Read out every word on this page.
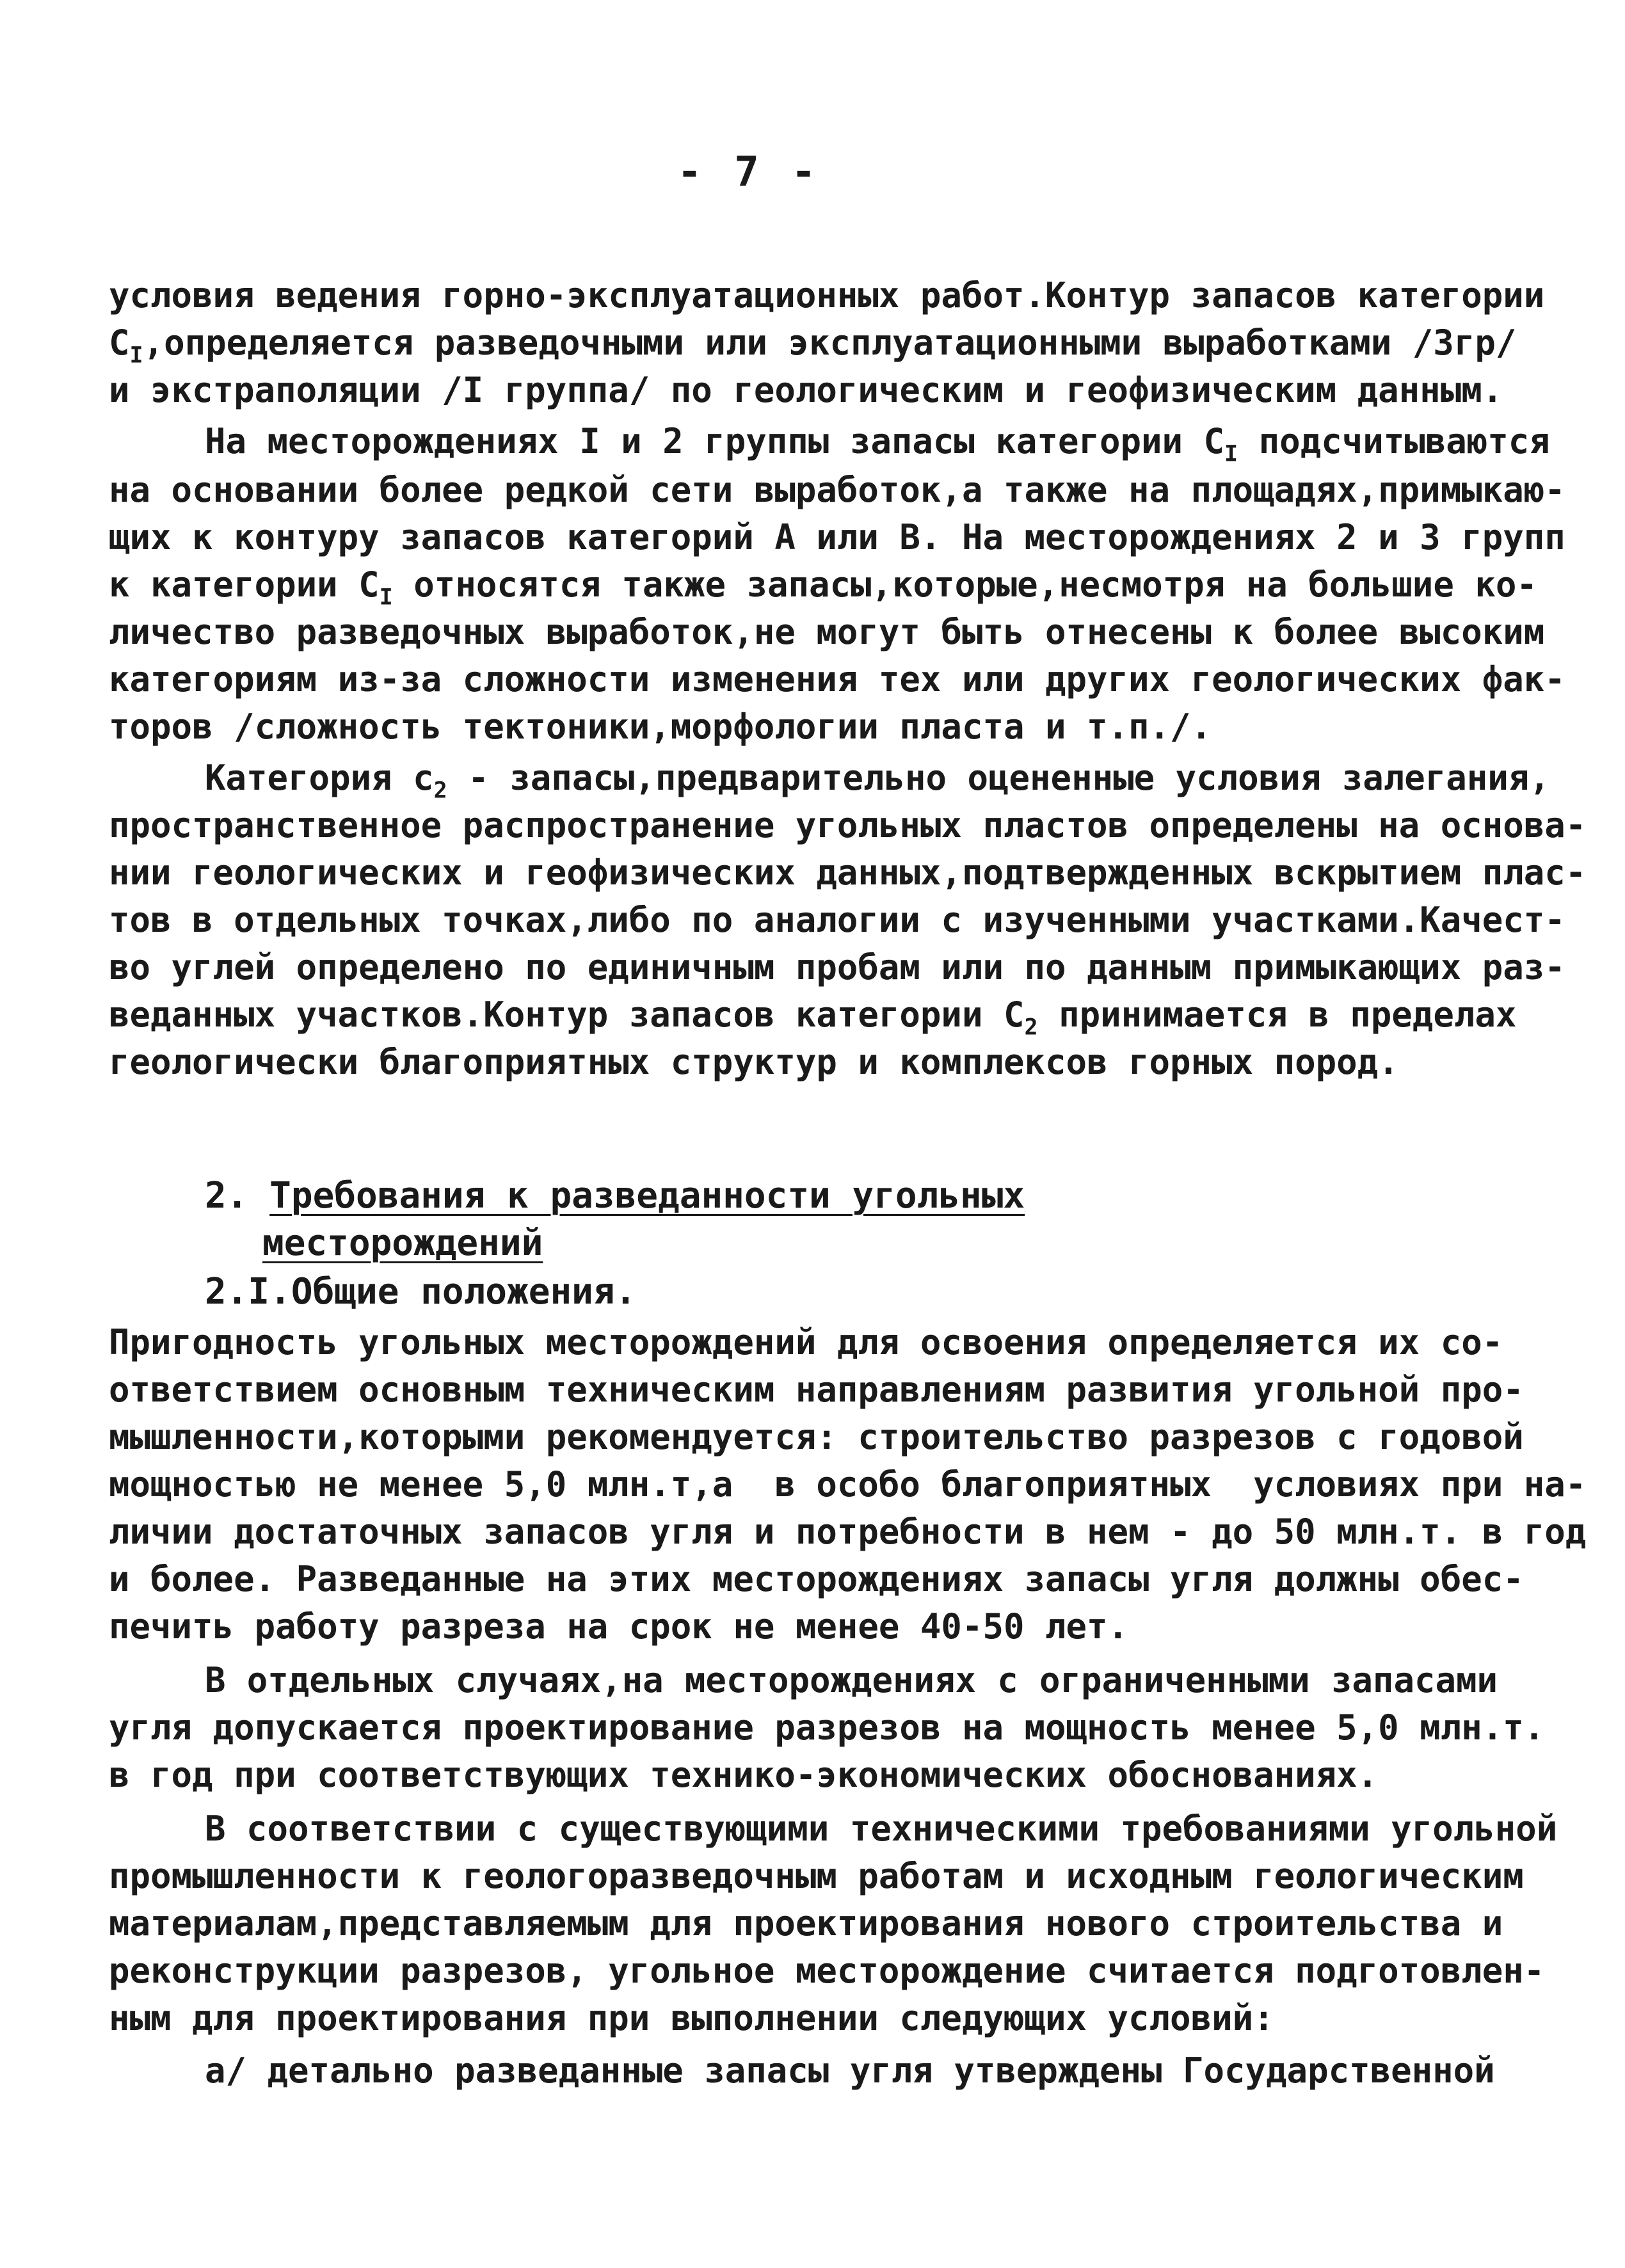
- 7 -
условия ведения горно-эксплуатационных работ.Контур запасов категории
$С_I,определяется$ разведочными или эксплуатационными выработками /3гр/
и экстраполяции /I группа/ по геологическим и геофизическим данным.
На месторождениях I и 2 группы запасы категории $С_I$ подсчитываются
на основании более редкой сети выработок,а также на площадях,примыкаю-
щих к контуру запасов категорий А или В. На месторождениях 2 и 3 групп
к категории $С_I$ относятся также запасы,которые,несмотря на большие ко-
личество разведочных выработок,не могут быть отнесены к более высоким
категориям из-за сложности изменения тех или других геологических фак-
торов /сложность тектоники,морфологии пласта и т.п./.
Категория $с_2$ - запасы,предварительно оцененные условия залегания,
пространственное распространение угольных пластов определены на основа-
нии геологических и геофизических данных,подтвержденных вскрытием плас-
тов в отдельных точках,либо по аналогии с изученными участками.Качест-
во углей определено по единичным пробам или по данным примыкающих раз-
веданных участков.Контур запасов категории $С_2$ принимается в пределах
геологически благоприятных структур и комплексов горных пород.
2. Требования к разведанности угольных
месторождений
2.I.Общие положения.
Пригодность угольных месторождений для освоения определяется их со-
ответствием основным техническим направлениям развития угольной про-
мышленности,которыми рекомендуется: строительство разрезов с годовой
мощностью не менее 5,0 млн.т,а  в особо благоприятных  условиях при на-
личии достаточных запасов угля и потребности в нем - до 50 млн.т. в год
и более. Разведанные на этих месторождениях запасы угля должны обес-
печить работу разреза на срок не менее 40-50 лет.
В отдельных случаях,на месторождениях с ограниченными запасами
угля допускается проектирование разрезов на мощность менее 5,0 млн.т.
в год при соответствующих технико-экономических обоснованиях.
В соответствии с существующими техническими требованиями угольной
промышленности к геологоразведочным работам и исходным геологическим
материалам,представляемым для проектирования нового строительства и
реконструкции разрезов, угольное месторождение считается подготовлен-
ным для проектирования при выполнении следующих условий:
а/ детально разведанные запасы угля утверждены Государственной
